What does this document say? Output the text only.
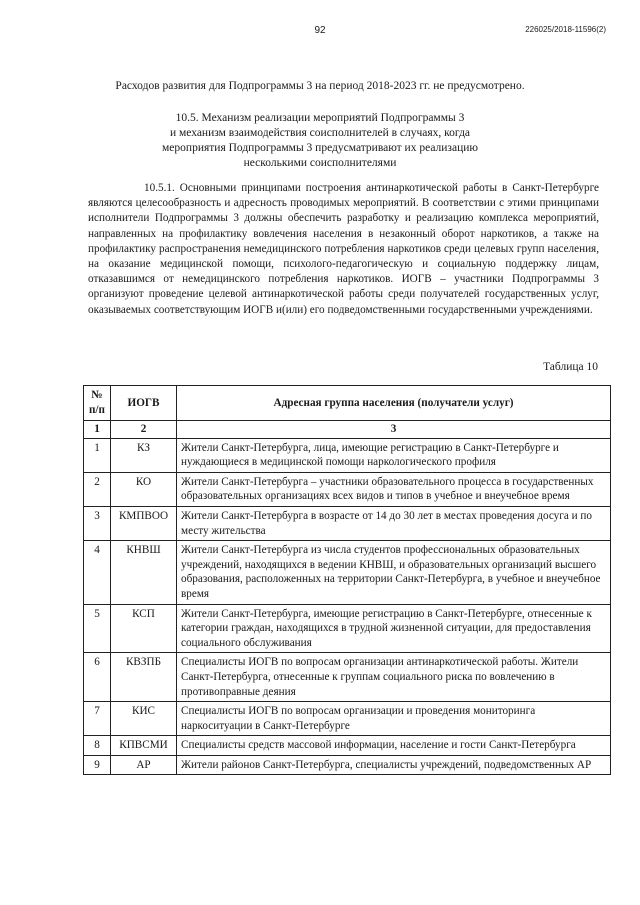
92	226025/2018-11596(2)
Расходов развития для Подпрограммы 3 на период 2018-2023 гг. не предусмотрено.
10.5. Механизм реализации мероприятий Подпрограммы 3
и механизм взаимодействия соисполнителей в случаях, когда
мероприятия Подпрограммы 3 предусматривают их реализацию
несколькими соисполнителями

10.5.1. Основными принципами построения антинаркотической работы в Санкт-Петербурге являются целесообразность и адресность проводимых мероприятий. В соответствии с этими принципами исполнители Подпрограммы 3 должны обеспечить разработку и реализацию комплекса мероприятий, направленных на профилактику вовлечения населения в незаконный оборот наркотиков, а также на профилактику распространения немедицинского потребления наркотиков среди целевых групп населения, на оказание медицинской помощи, психолого-педагогическую и социальную поддержку лицам, отказавшимся от немедицинского потребления наркотиков. ИОГВ – участники Подпрограммы 3 организуют проведение целевой антинаркотической работы среди получателей государственных услуг, оказываемых соответствующим ИОГВ и(или) его подведомственными государственными учреждениями.

Таблица 10
№ п/п	ИОГВ	Адресная группа населения (получатели услуг)
1	2	3
1	КЗ	Жители Санкт-Петербурга, лица, имеющие регистрацию в Санкт-Петербурге и нуждающиеся в медицинской помощи наркологического профиля
2	КО	Жители Санкт-Петербурга – участники образовательного процесса в государственных образовательных организациях всех видов и типов в учебное и внеучебное время
3	КМПВОО	Жители Санкт-Петербурга в возрасте от 14 до 30 лет в местах проведения досуга и по месту жительства
4	КНВШ	Жители Санкт-Петербурга из числа студентов профессиональных образовательных учреждений, находящихся в ведении КНВШ, и образовательных организаций высшего образования, расположенных на территории Санкт-Петербурга, в учебное и внеучебное время
5	КСП	Жители Санкт-Петербурга, имеющие регистрацию в Санкт-Петербурге, отнесенные к категории граждан, находящихся в трудной жизненной ситуации, для предоставления социального обслуживания
6	КВЗПБ	Специалисты ИОГВ по вопросам организации антинаркотической работы. Жители Санкт-Петербурга, отнесенные к группам социального риска по вовлечению в противоправные деяния
7	КИС	Специалисты ИОГВ по вопросам организации и проведения мониторинга наркоситуации в Санкт-Петербурге
8	КПВСМИ	Специалисты средств массовой информации, население и гости Санкт-Петербурга
9	АР	Жители районов Санкт-Петербурга, специалисты учреждений, подведомственных АР
